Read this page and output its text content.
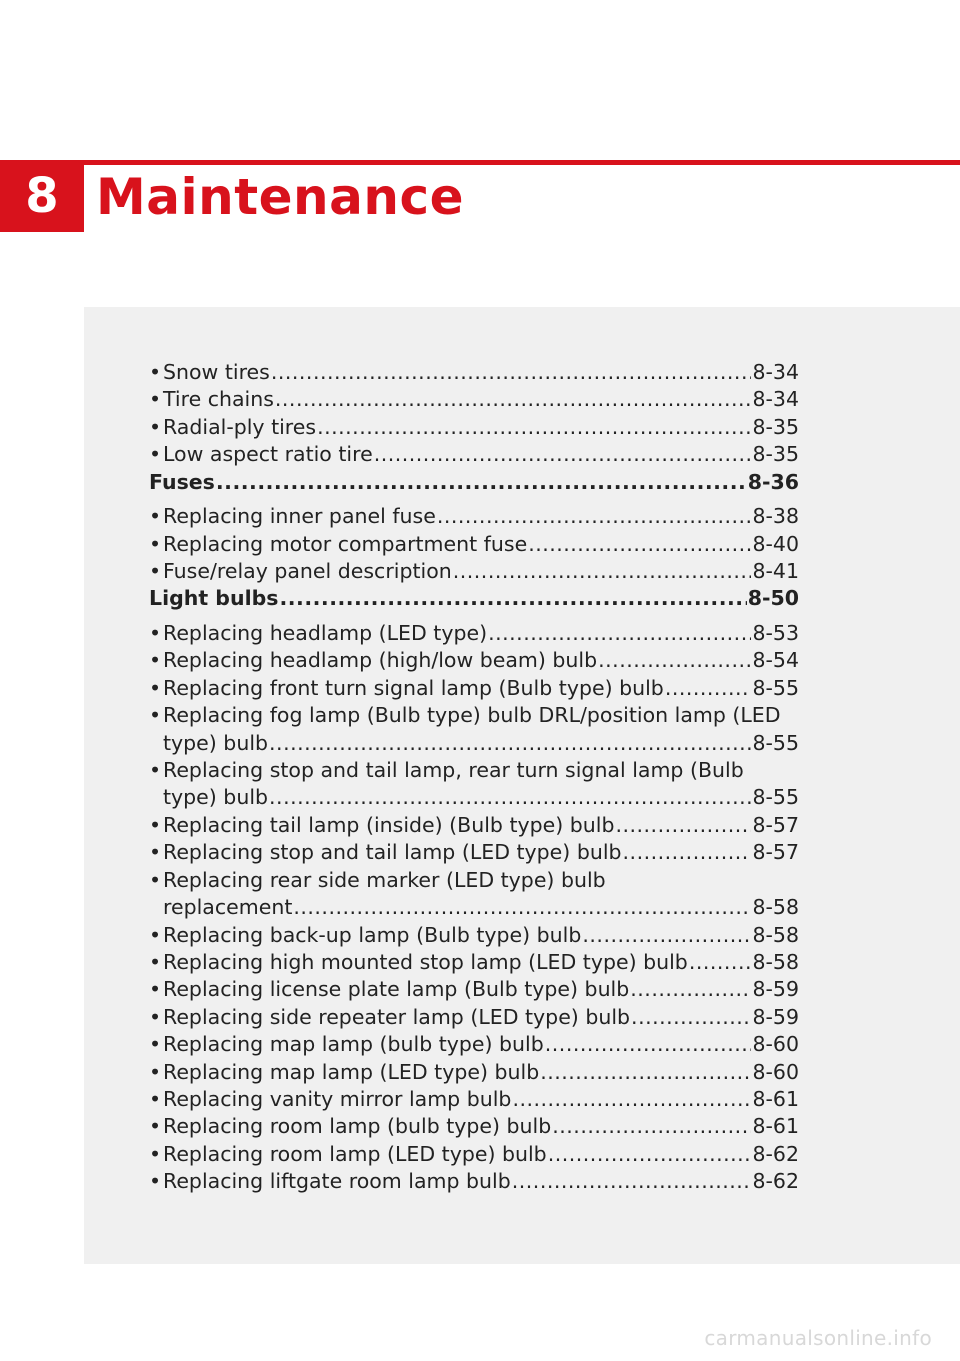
8 Maintenance
• Snow tires .....	8-34
• Tire chains .....	8-34
• Radial-ply tires .....	8-35
• Low aspect ratio tire .....	8-35
Fuses .....	8-36
• Replacing inner panel fuse .....	8-38
• Replacing motor compartment fuse .....	8-40
• Fuse/relay panel description .....	8-41
Light bulbs .....	8-50
• Replacing headlamp (LED type) .....	8-53
• Replacing headlamp (high/low beam) bulb .....	8-54
• Replacing front turn signal lamp (Bulb type) bulb .....	8-55
• Replacing fog lamp (Bulb type) bulb DRL/position lamp (LED
type) bulb .....	8-55
• Replacing stop and tail lamp, rear turn signal lamp (Bulb
type) bulb .....	8-55
• Replacing tail lamp (inside) (Bulb type) bulb .....	8-57
• Replacing stop and tail lamp (LED type) bulb .....	8-57
• Replacing rear side marker (LED type) bulb
replacement .....	8-58
• Replacing back-up lamp (Bulb type) bulb .....	8-58
• Replacing high mounted stop lamp (LED type) bulb .....	8-58
• Replacing license plate lamp (Bulb type) bulb .....	8-59
• Replacing side repeater lamp (LED type) bulb .....	8-59
• Replacing map lamp (bulb type) bulb .....	8-60
• Replacing map lamp (LED type) bulb .....	8-60
• Replacing vanity mirror lamp bulb .....	8-61
• Replacing room lamp (bulb type) bulb .....	8-61
• Replacing room lamp (LED type) bulb .....	8-62
• Replacing liftgate room lamp bulb .....	8-62
carmanualsonline.info
